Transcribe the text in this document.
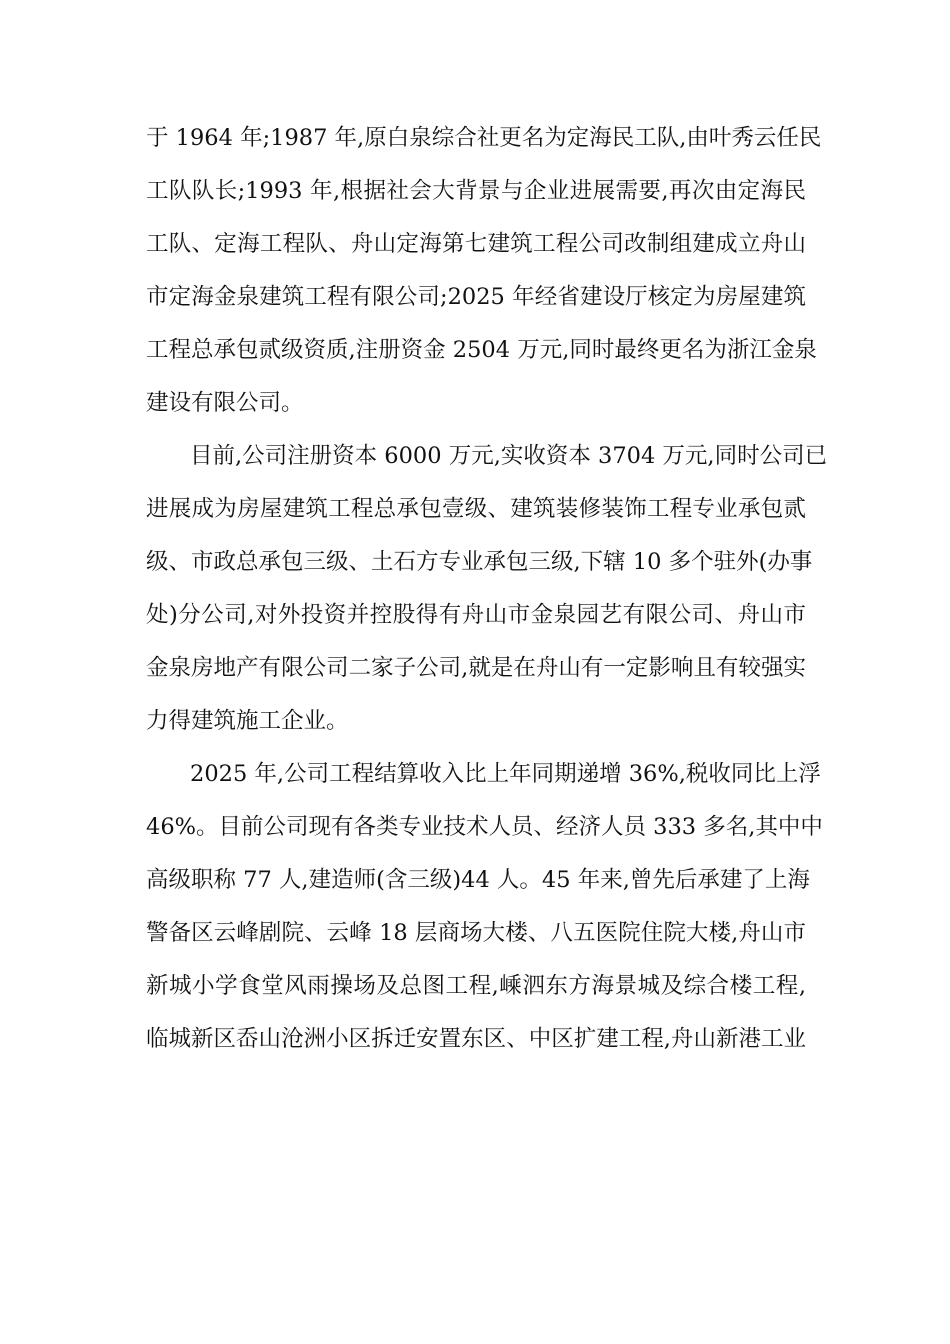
于 1964 年;1987 年,原白泉综合社更名为定海民工队,由叶秀云任民
工队队长;1993 年,根据社会大背景与企业进展需要,再次由定海民
工队、定海工程队、舟山定海第七建筑工程公司改制组建成立舟山
市定海金泉建筑工程有限公司;2025 年经省建设厅核定为房屋建筑
工程总承包贰级资质,注册资金 2504 万元,同时最终更名为浙江金泉
建设有限公司。
目前,公司注册资本 6000 万元,实收资本 3704 万元,同时公司已
进展成为房屋建筑工程总承包壹级、建筑装修装饰工程专业承包贰
级、市政总承包三级、土石方专业承包三级,下辖 10 多个驻外(办事
处)分公司,对外投资并控股得有舟山市金泉园艺有限公司、舟山市
金泉房地产有限公司二家子公司,就是在舟山有一定影响且有较强实
力得建筑施工企业。
2025 年,公司工程结算收入比上年同期递增 36%,税收同比上浮
46%。目前公司现有各类专业技术人员、经济人员 333 多名,其中中
高级职称 77 人,建造师(含三级)44 人。45 年来,曾先后承建了上海
警备区云峰剧院、云峰 18 层商场大楼、八五医院住院大楼,舟山市
新城小学食堂风雨操场及总图工程,嵊泗东方海景城及综合楼工程,
临城新区岙山沧洲小区拆迁安置东区、中区扩建工程,舟山新港工业
